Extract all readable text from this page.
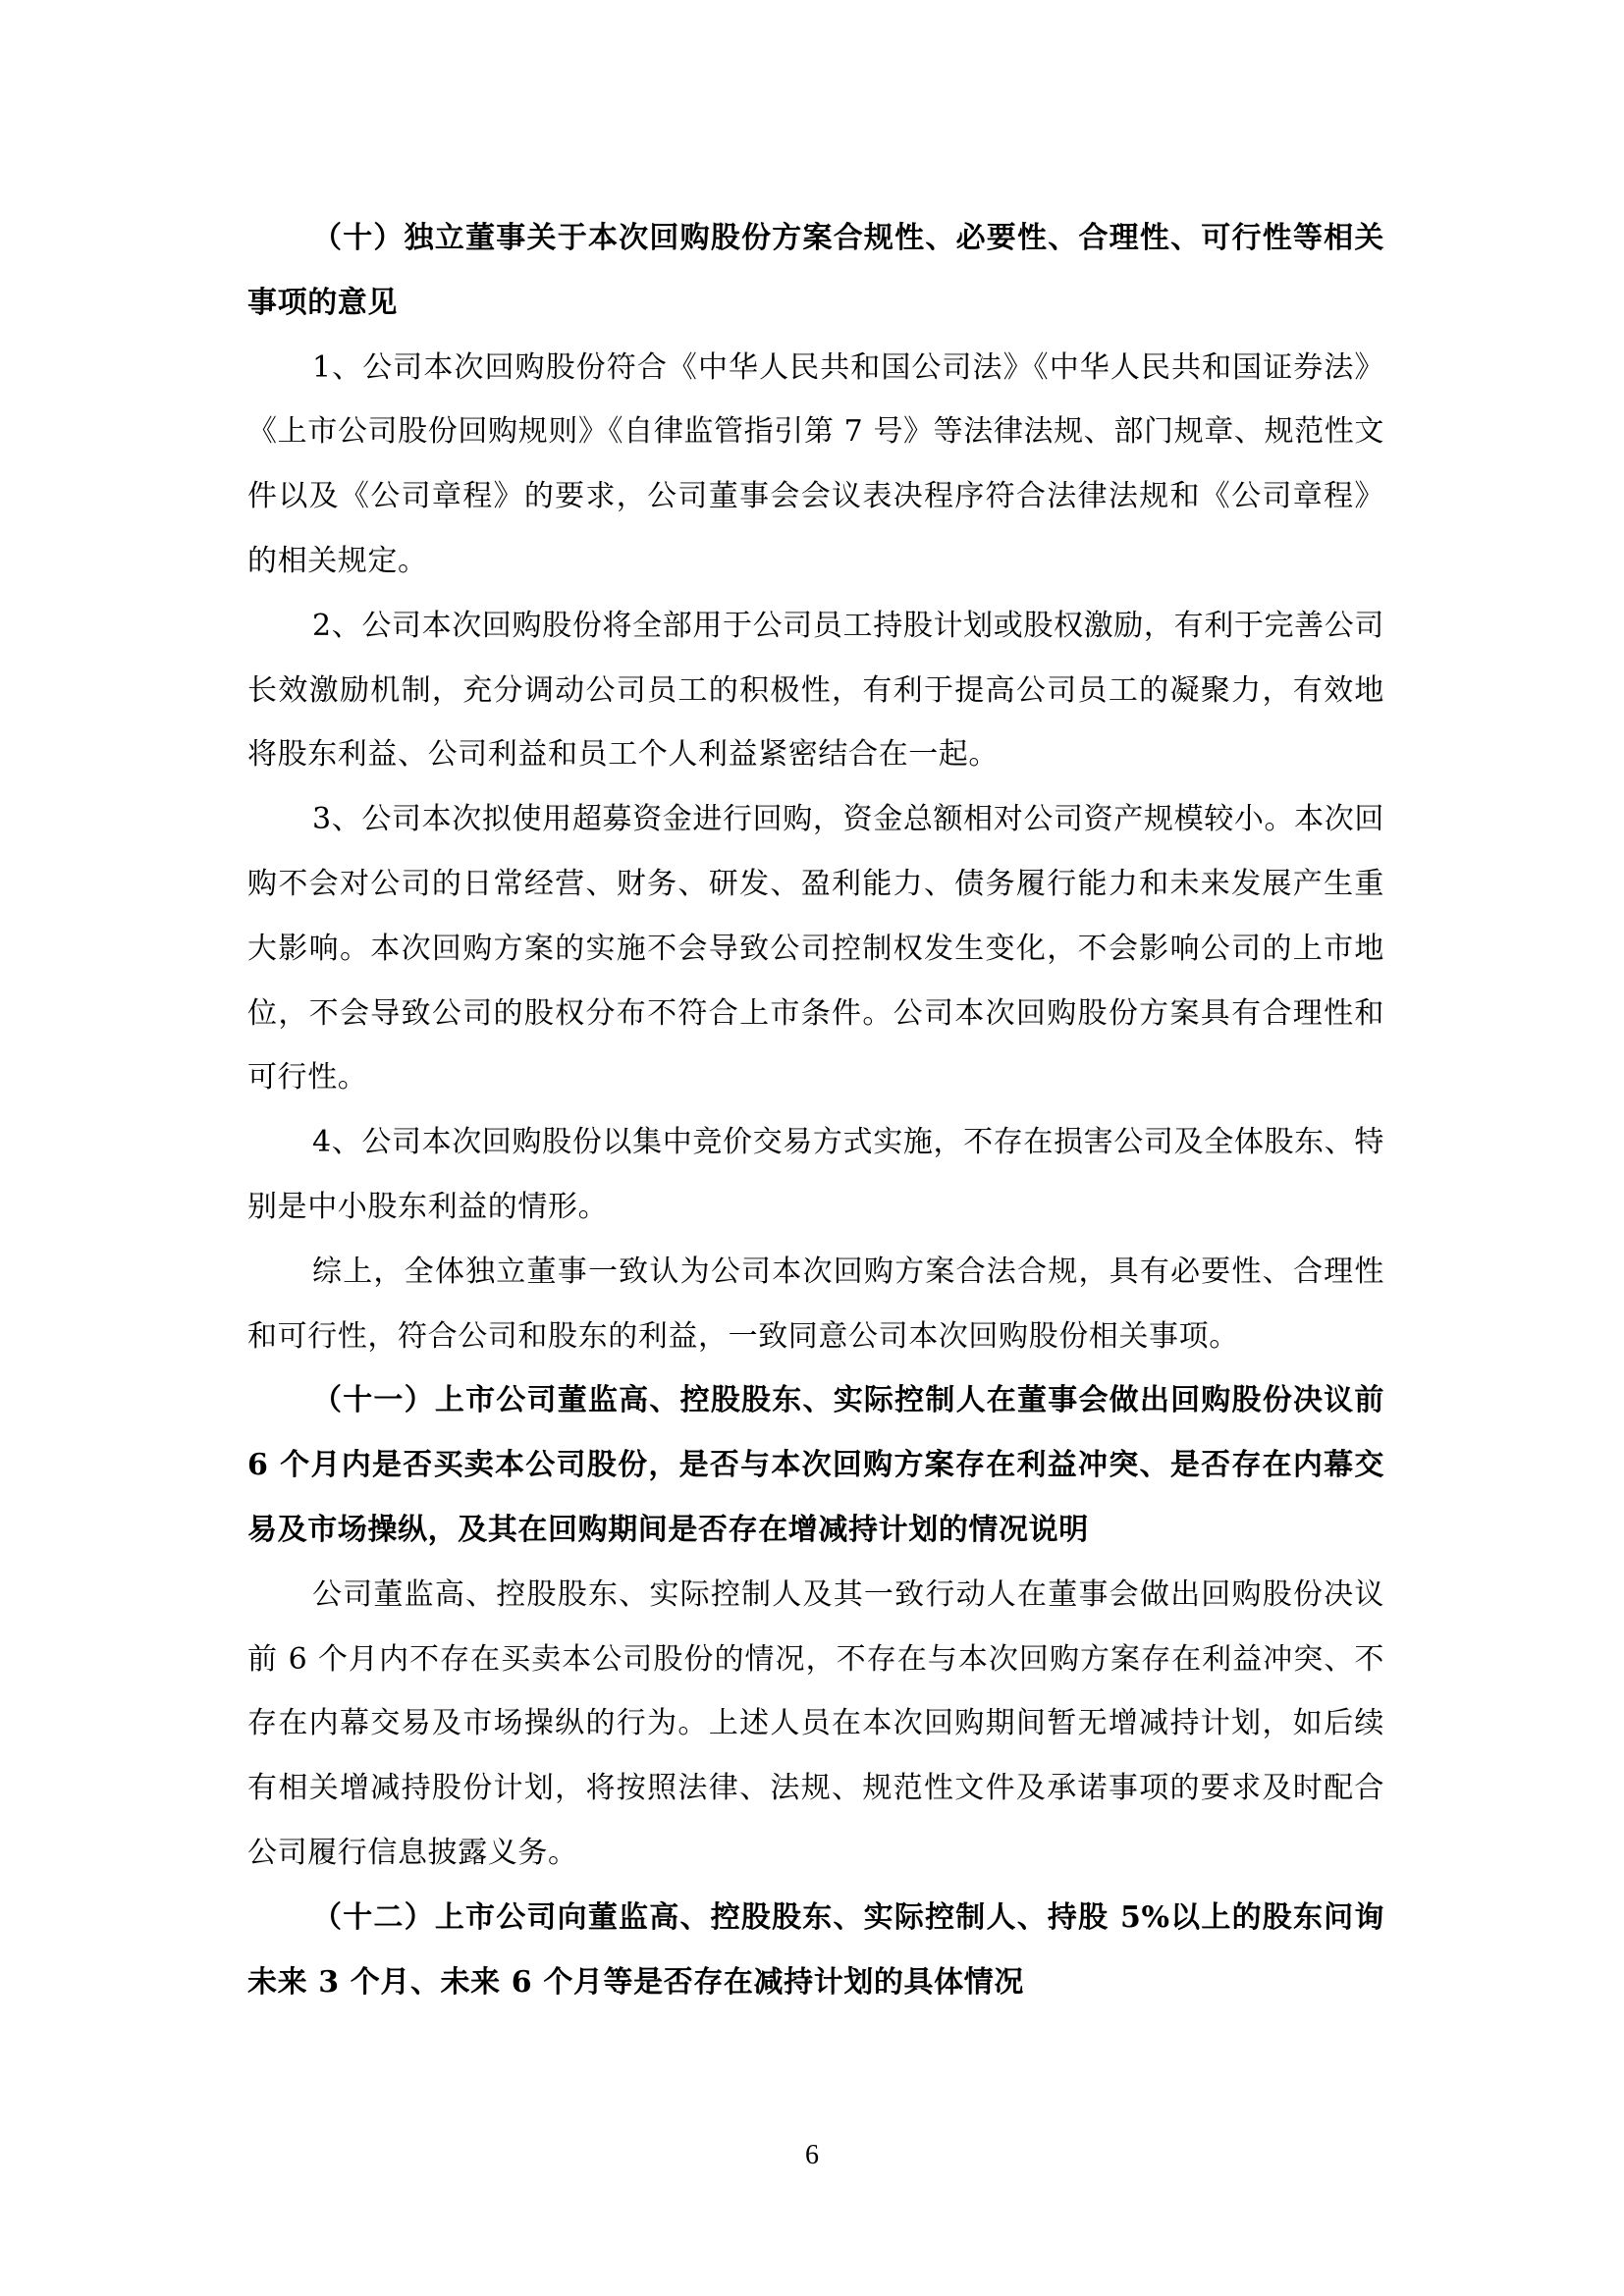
（十）独立董事关于本次回购股份方案合规性、必要性、合理性、可行性等相关事项的意见

1、公司本次回购股份符合《中华人民共和国公司法》《中华人民共和国证券法》《上市公司股份回购规则》《自律监管指引第 7 号》等法律法规、部门规章、规范性文件以及《公司章程》的要求，公司董事会会议表决程序符合法律法规和《公司章程》的相关规定。

2、公司本次回购股份将全部用于公司员工持股计划或股权激励，有利于完善公司长效激励机制，充分调动公司员工的积极性，有利于提高公司员工的凝聚力，有效地将股东利益、公司利益和员工个人利益紧密结合在一起。

3、公司本次拟使用超募资金进行回购，资金总额相对公司资产规模较小。本次回购不会对公司的日常经营、财务、研发、盈利能力、债务履行能力和未来发展产生重大影响。本次回购方案的实施不会导致公司控制权发生变化，不会影响公司的上市地位，不会导致公司的股权分布不符合上市条件。公司本次回购股份方案具有合理性和可行性。

4、公司本次回购股份以集中竞价交易方式实施，不存在损害公司及全体股东、特别是中小股东利益的情形。

综上，全体独立董事一致认为公司本次回购方案合法合规，具有必要性、合理性和可行性，符合公司和股东的利益，一致同意公司本次回购股份相关事项。

（十一）上市公司董监高、控股股东、实际控制人在董事会做出回购股份决议前 6 个月内是否买卖本公司股份，是否与本次回购方案存在利益冲突、是否存在内幕交易及市场操纵，及其在回购期间是否存在增减持计划的情况说明

公司董监高、控股股东、实际控制人及其一致行动人在董事会做出回购股份决议前 6 个月内不存在买卖本公司股份的情况，不存在与本次回购方案存在利益冲突、不存在内幕交易及市场操纵的行为。上述人员在本次回购期间暂无增减持计划，如后续有相关增减持股份计划，将按照法律、法规、规范性文件及承诺事项的要求及时配合公司履行信息披露义务。

（十二）上市公司向董监高、控股股东、实际控制人、持股 5%以上的股东问询未来 3 个月、未来 6 个月等是否存在减持计划的具体情况

6
